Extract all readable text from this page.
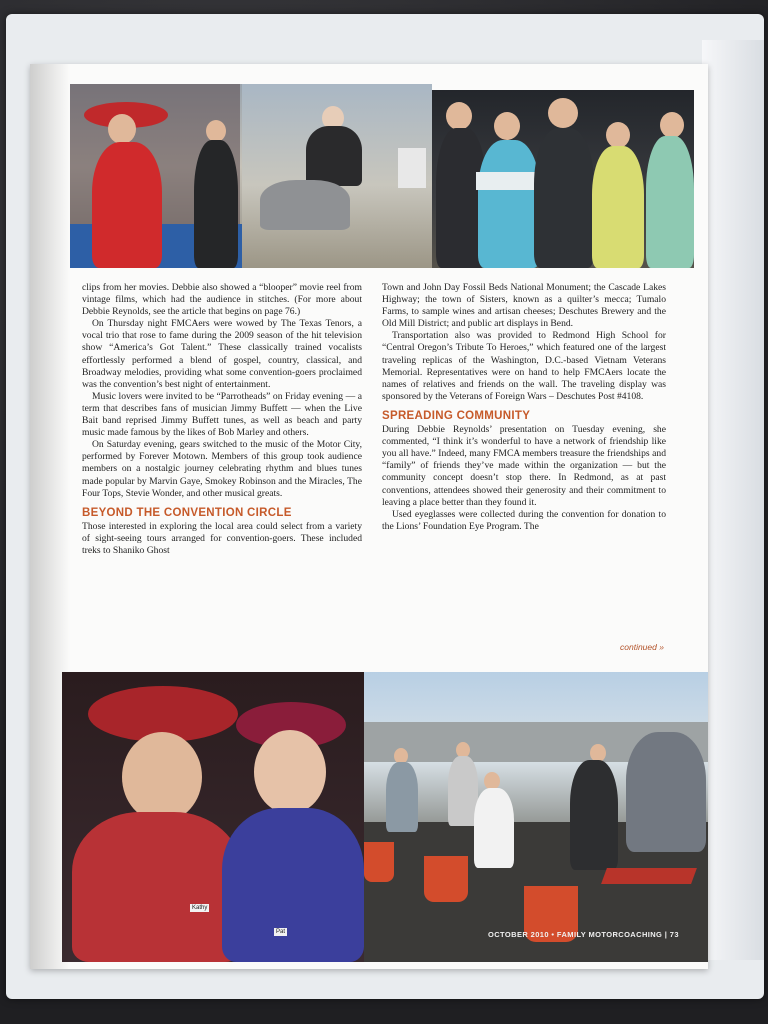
clips from her movies. Debbie also showed a “blooper” movie reel from vintage films, which had the audience in stitches. (For more about Debbie Reynolds, see the article that begins on page 76.)

On Thursday night FMCAers were wowed by The Texas Tenors, a vocal trio that rose to fame during the 2009 season of the hit television show “America’s Got Talent.” These classically trained vocalists effortlessly performed a blend of gospel, country, classical, and Broadway melodies, providing what some convention-goers proclaimed was the convention’s best night of entertainment.

Music lovers were invited to be “Parrotheads” on Friday evening — a term that describes fans of musician Jimmy Buffett — when the Live Bait band reprised Jimmy Buffett tunes, as well as beach and party music made famous by the likes of Bob Marley and others.

On Saturday evening, gears switched to the music of the Motor City, performed by Forever Motown. Members of this group took audience members on a nostalgic journey celebrating rhythm and blues tunes made popular by Marvin Gaye, Smokey Robinson and the Miracles, The Four Tops, Stevie Wonder, and other musical greats.

BEYOND THE CONVENTION CIRCLE

Those interested in exploring the local area could select from a variety of sight-seeing tours arranged for convention-goers. These included treks to Shaniko Ghost

Town and John Day Fossil Beds National Monument; the Cascade Lakes Highway; the town of Sisters, known as a quilter’s mecca; Tumalo Farms, to sample wines and artisan cheeses; Deschutes Brewery and the Old Mill District; and public art displays in Bend.

Transportation also was provided to Redmond High School for “Central Oregon’s Tribute To Heroes,” which featured one of the largest traveling replicas of the Washington, D.C.-based Vietnam Veterans Memorial. Representatives were on hand to help FMCAers locate the names of relatives and friends on the wall. The traveling display was sponsored by the Veterans of Foreign Wars – Deschutes Post #4108.

SPREADING COMMUNITY

During Debbie Reynolds’ presentation on Tuesday evening, she commented, “I think it’s wonderful to have a network of friendship like you all have.” Indeed, many FMCA members treasure the friendships and “family” of friends they’ve made within the organization — but the community concept doesn’t stop there. In Redmond, as at past conventions, attendees showed their generosity and their commitment to leaving a place better than they found it.

Used eyeglasses were collected during the convention for donation to the Lions’ Foundation Eye Program. The

continued »
Kathy
Pat	OCTOBER 2010 • FAMILY MOTORCOACHING | 73
